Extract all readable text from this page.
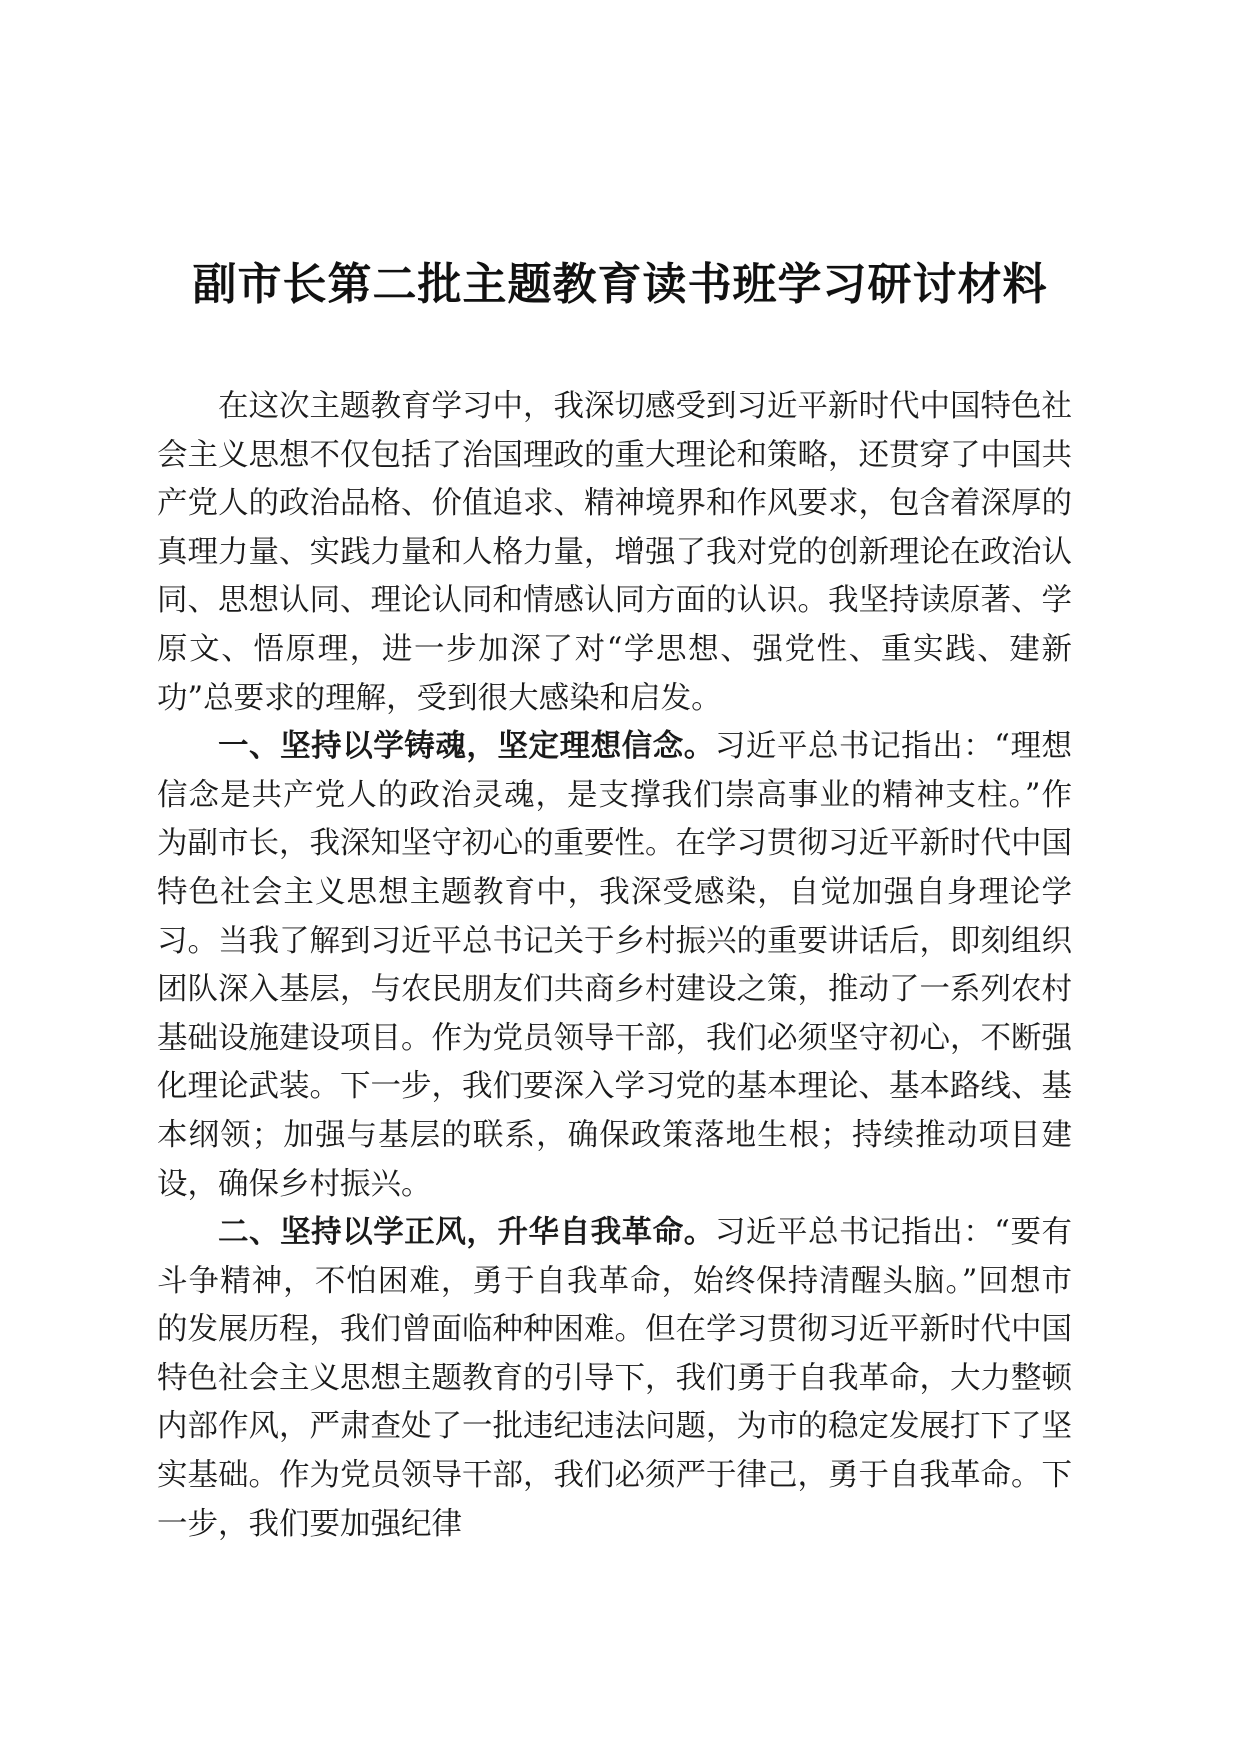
副市长第二批主题教育读书班学习研讨材料

在这次主题教育学习中，我深切感受到习近平新时代中国特色社会主义思想不仅包括了治国理政的重大理论和策略，还贯穿了中国共产党人的政治品格、价值追求、精神境界和作风要求，包含着深厚的真理力量、实践力量和人格力量，增强了我对党的创新理论在政治认同、思想认同、理论认同和情感认同方面的认识。我坚持读原著、学原文、悟原理，进一步加深了对“学思想、强党性、重实践、建新功”总要求的理解，受到很大感染和启发。

一、坚持以学铸魂，坚定理想信念。习近平总书记指出：“理想信念是共产党人的政治灵魂，是支撑我们崇高事业的精神支柱。”作为副市长，我深知坚守初心的重要性。在学习贯彻习近平新时代中国特色社会主义思想主题教育中，我深受感染，自觉加强自身理论学习。当我了解到习近平总书记关于乡村振兴的重要讲话后，即刻组织团队深入基层，与农民朋友们共商乡村建设之策，推动了一系列农村基础设施建设项目。作为党员领导干部，我们必须坚守初心，不断强化理论武装。下一步，我们要深入学习党的基本理论、基本路线、基本纲领；加强与基层的联系，确保政策落地生根；持续推动项目建设，确保乡村振兴。

二、坚持以学正风，升华自我革命。习近平总书记指出：“要有斗争精神，不怕困难，勇于自我革命，始终保持清醒头脑。”回想市的发展历程，我们曾面临种种困难。但在学习贯彻习近平新时代中国特色社会主义思想主题教育的引导下，我们勇于自我革命，大力整顿内部作风，严肃查处了一批违纪违法问题，为市的稳定发展打下了坚实基础。作为党员领导干部，我们必须严于律己，勇于自我革命。下一步，我们要加强纪律
